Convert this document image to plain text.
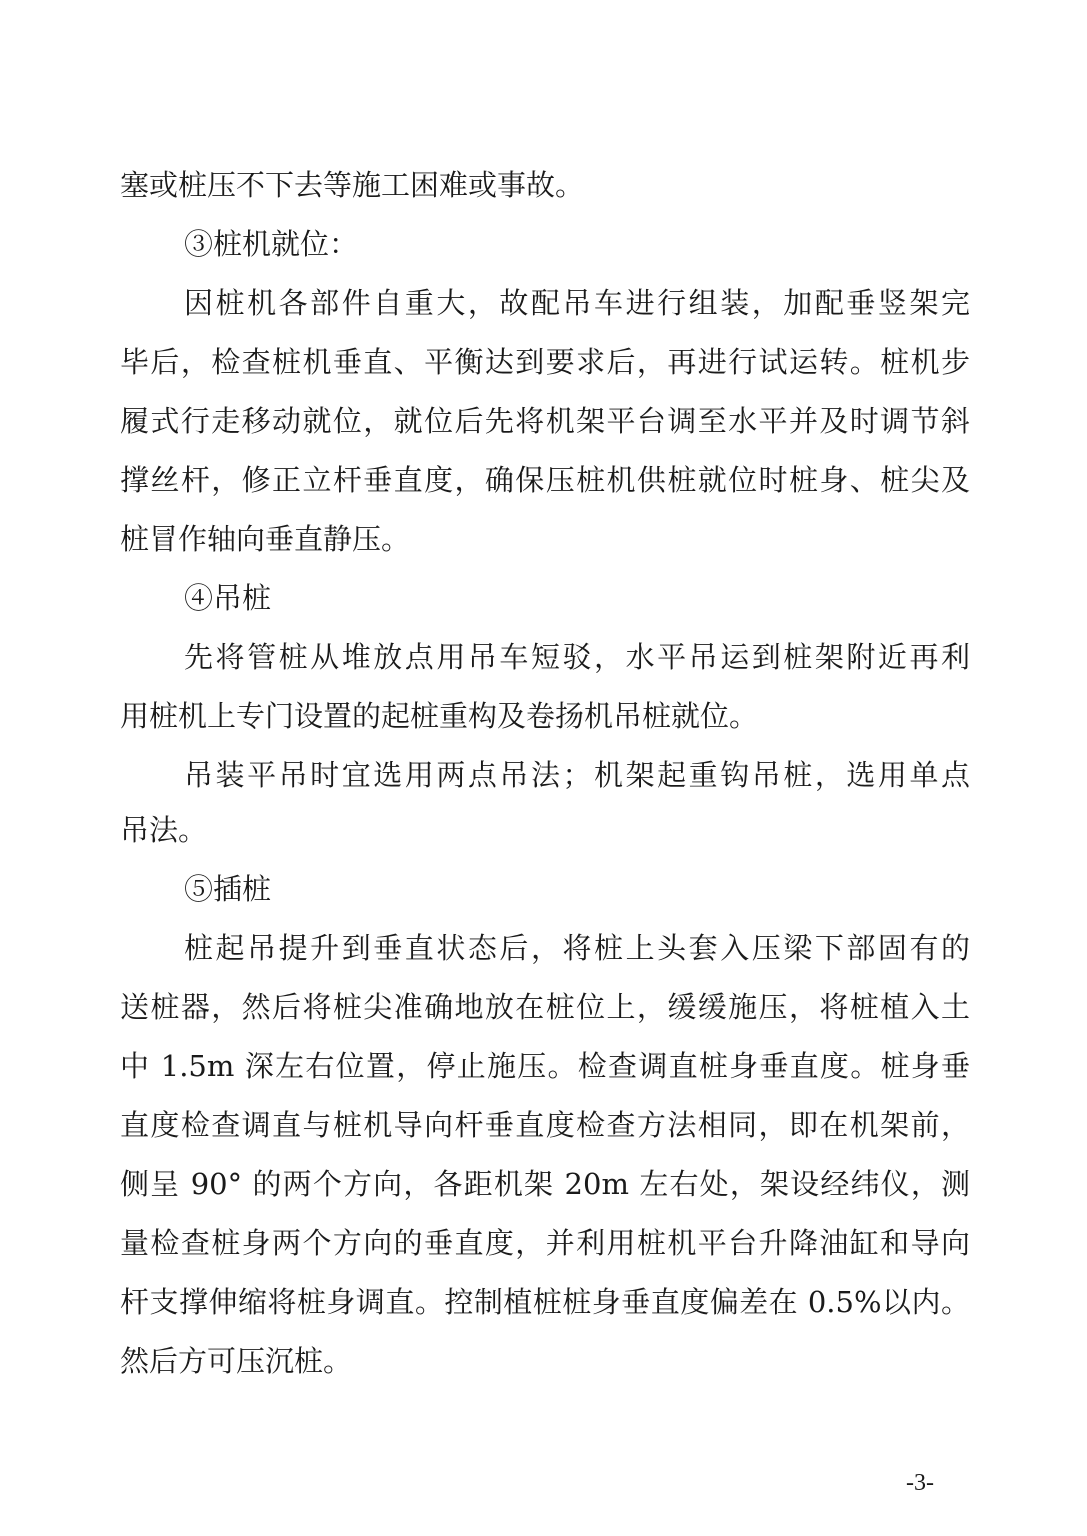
塞或桩压不下去等施工困难或事故。
③桩机就位：
因桩机各部件自重大，故配吊车进行组装，加配垂竖架完
毕后，检查桩机垂直、平衡达到要求后，再进行试运转。桩机步
履式行走移动就位，就位后先将机架平台调至水平并及时调节斜
撑丝杆，修正立杆垂直度，确保压桩机供桩就位时桩身、桩尖及
桩冒作轴向垂直静压。
④吊桩
先将管桩从堆放点用吊车短驳，水平吊运到桩架附近再利
用桩机上专门设置的起桩重构及卷扬机吊桩就位。
吊装平吊时宜选用两点吊法；机架起重钩吊桩，选用单点
吊法。
⑤插桩
桩起吊提升到垂直状态后，将桩上头套入压梁下部固有的
送桩器，然后将桩尖准确地放在桩位上，缓缓施压，将桩植入土
中 1.5m 深左右位置，停止施压。检查调直桩身垂直度。桩身垂
直度检查调直与桩机导向杆垂直度检查方法相同，即在机架前，
侧呈 90° 的两个方向，各距机架 20m 左右处，架设经纬仪，测
量检查桩身两个方向的垂直度，并利用桩机平台升降油缸和导向
杆支撑伸缩将桩身调直。控制植桩桩身垂直度偏差在 0.5%以内。
然后方可压沉桩。
-3-
